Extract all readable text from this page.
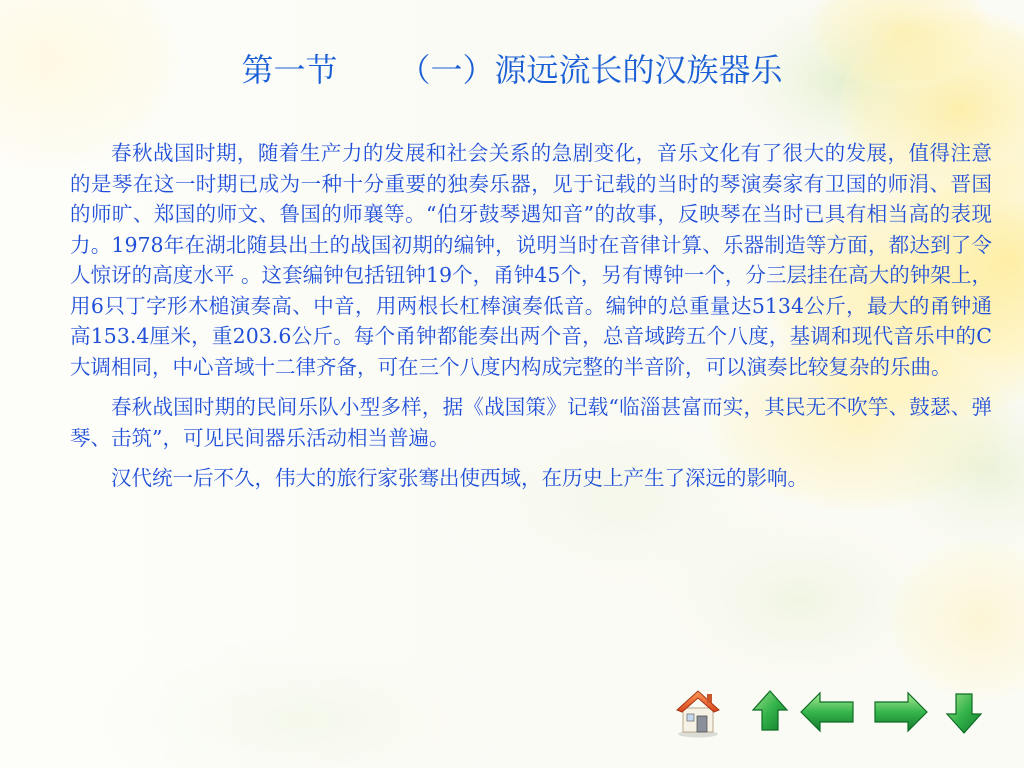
第一节      （一）源远流长的汉族器乐

春秋战国时期，随着生产力的发展和社会关系的急剧变化，音乐文化有了很大的发展，值得注意的是琴在这一时期已成为一种十分重要的独奏乐器，见于记载的当时的琴演奏家有卫国的师涓、晋国的师旷、郑国的师文、鲁国的师襄等。“伯牙鼓琴遇知音”的故事，反映琴在当时已具有相当高的表现力。1978年在湖北随县出土的战国初期的编钟，说明当时在音律计算、乐器制造等方面，都达到了令人惊讶的高度水平 。这套编钟包括钮钟19个，甬钟45个，另有博钟一个，分三层挂在高大的钟架上，用6只丁字形木槌演奏高、中音，用两根长杠棒演奏低音。编钟的总重量达5134公斤，最大的甬钟通高153.4厘米，重203.6公斤。每个甬钟都能奏出两个音，总音域跨五个八度，基调和现代音乐中的C大调相同，中心音域十二律齐备，可在三个八度内构成完整的半音阶，可以演奏比较复杂的乐曲。

春秋战国时期的民间乐队小型多样，据《战国策》记载“临淄甚富而实，其民无不吹竽、鼓瑟、弹琴、击筑”，可见民间器乐活动相当普遍。

汉代统一后不久，伟大的旅行家张骞出使西域，在历史上产生了深远的影响。
